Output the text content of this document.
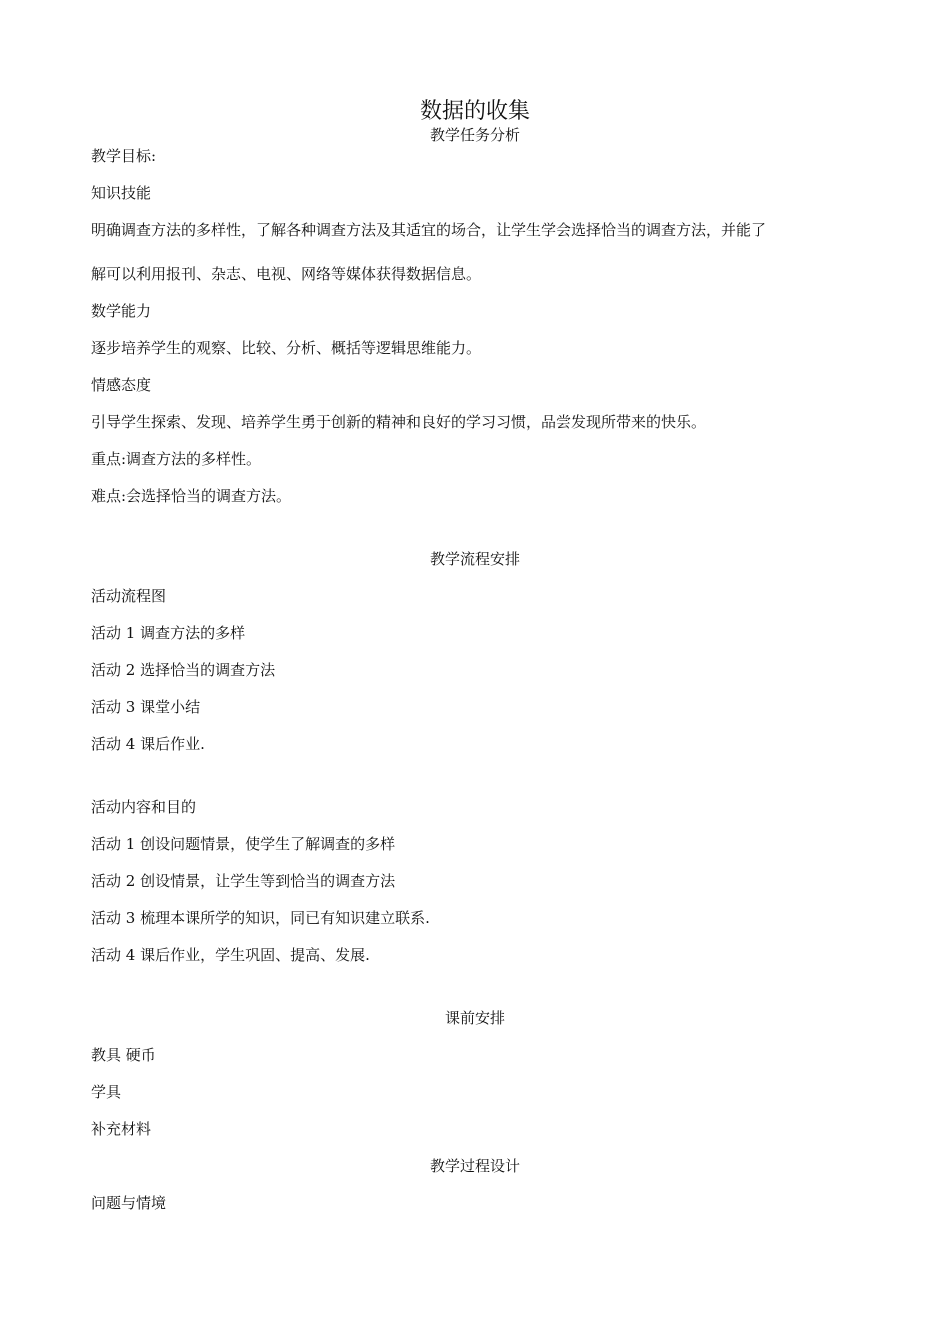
数据的收集
教学任务分析
教学目标:
知识技能
明确调查方法的多样性，了解各种调查方法及其适宜的场合，让学生学会选择恰当的调查方法，并能了
解可以利用报刊、杂志、电视、网络等媒体获得数据信息。
数学能力
逐步培养学生的观察、比较、分析、概括等逻辑思维能力。
情感态度
引导学生探索、发现、培养学生勇于创新的精神和良好的学习习惯，品尝发现所带来的快乐。
重点:调查方法的多样性。
难点:会选择恰当的调查方法。
教学流程安排
活动流程图
活动 1 调查方法的多样
活动 2 选择恰当的调查方法
活动 3 课堂小结
活动 4 课后作业.
活动内容和目的
活动 1 创设问题情景，使学生了解调查的多样
活动 2 创设情景，让学生等到恰当的调查方法
活动 3 梳理本课所学的知识，同已有知识建立联系.
活动 4 课后作业，学生巩固、提高、发展.
课前安排
教具 硬币
学具
补充材料
教学过程设计
问题与情境
